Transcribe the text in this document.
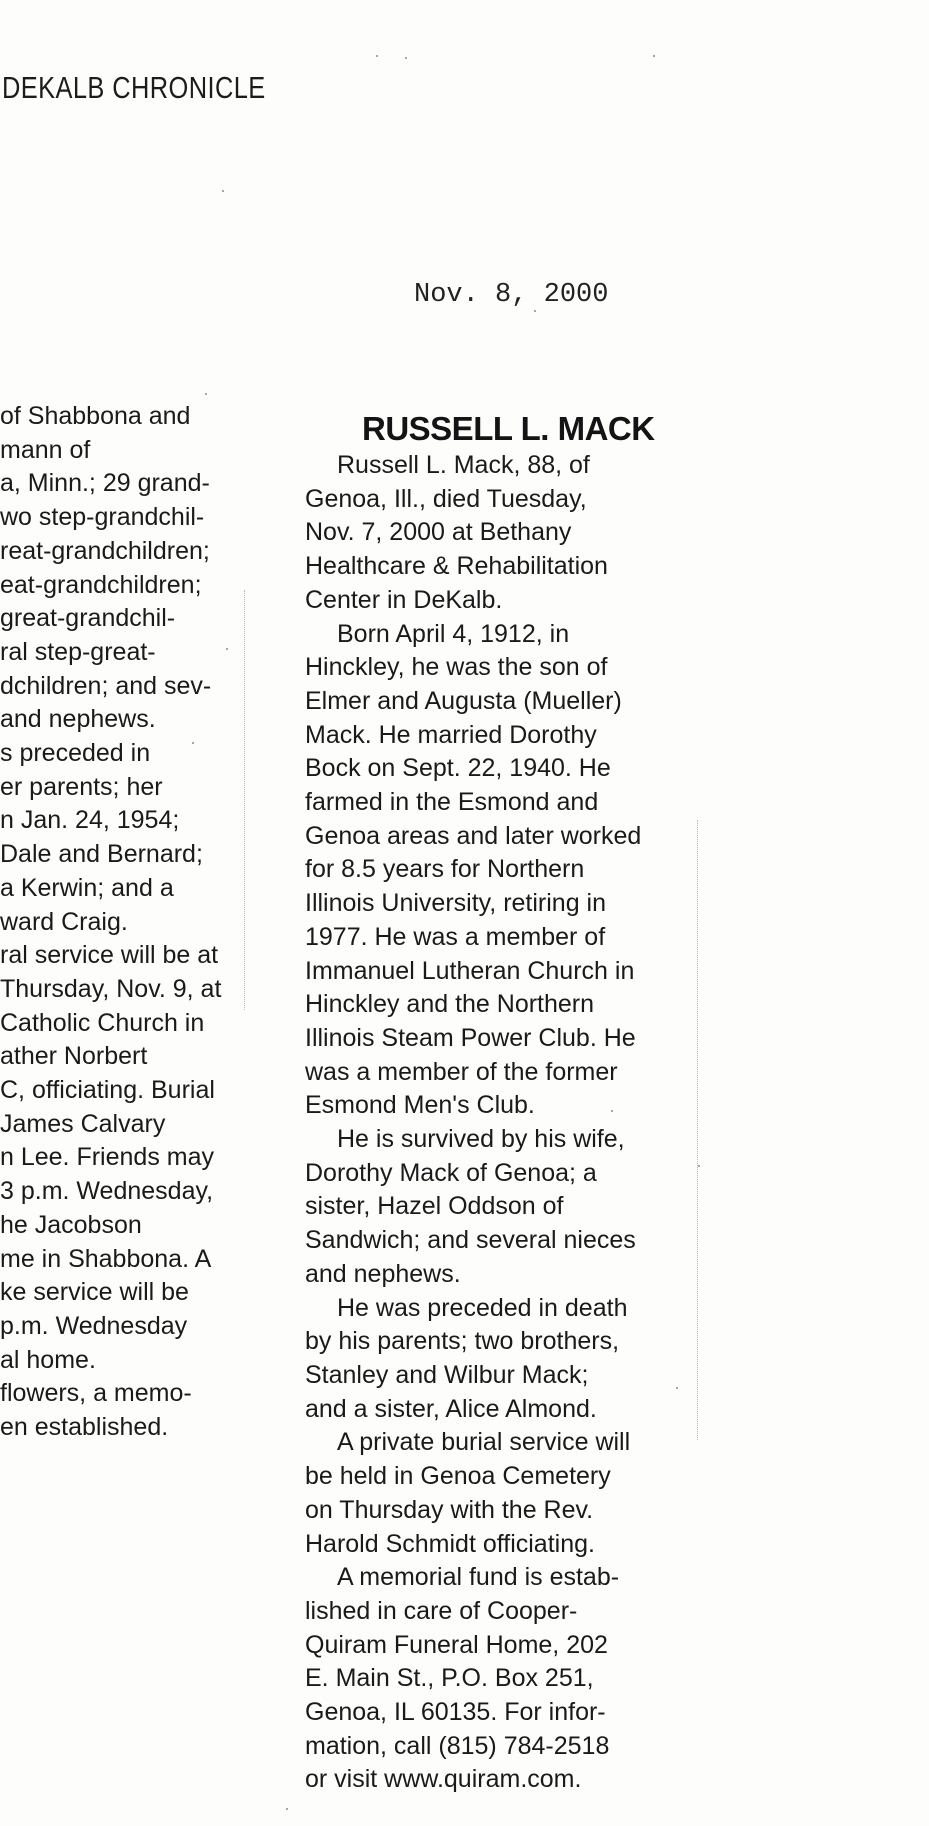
DEKALB CHRONICLE
Nov. 8, 2000
of Shabbona and
mann of
a, Minn.; 29 grand-
wo step-grandchil-
reat-grandchildren;
eat-grandchildren;
great-grandchil-
ral step-great-
dchildren; and sev-
and nephews.
s preceded in
er parents; her
n Jan. 24, 1954;
Dale and Bernard;
a Kerwin; and a
ward Craig.
ral service will be at
Thursday, Nov. 9, at
Catholic Church in
ather Norbert
C, officiating. Burial
James Calvary
n Lee. Friends may
3 p.m. Wednesday,
he Jacobson
me in Shabbona. A
ke service will be
p.m. Wednesday
al home.
flowers, a memo-
en established.
RUSSELL L. MACK
Russell L. Mack, 88, of
Genoa, Ill., died Tuesday,
Nov. 7, 2000 at Bethany
Healthcare & Rehabilitation
Center in DeKalb.
Born April 4, 1912, in
Hinckley, he was the son of
Elmer and Augusta (Mueller)
Mack. He married Dorothy
Bock on Sept. 22, 1940. He
farmed in the Esmond and
Genoa areas and later worked
for 8.5 years for Northern
Illinois University, retiring in
1977. He was a member of
Immanuel Lutheran Church in
Hinckley and the Northern
Illinois Steam Power Club. He
was a member of the former
Esmond Men's Club.
He is survived by his wife,
Dorothy Mack of Genoa; a
sister, Hazel Oddson of
Sandwich; and several nieces
and nephews.
He was preceded in death
by his parents; two brothers,
Stanley and Wilbur Mack;
and a sister, Alice Almond.
A private burial service will
be held in Genoa Cemetery
on Thursday with the Rev.
Harold Schmidt officiating.
A memorial fund is estab-
lished in care of Cooper-
Quiram Funeral Home, 202
E. Main St., P.O. Box 251,
Genoa, IL 60135. For infor-
mation, call (815) 784-2518
or visit www.quiram.com.
